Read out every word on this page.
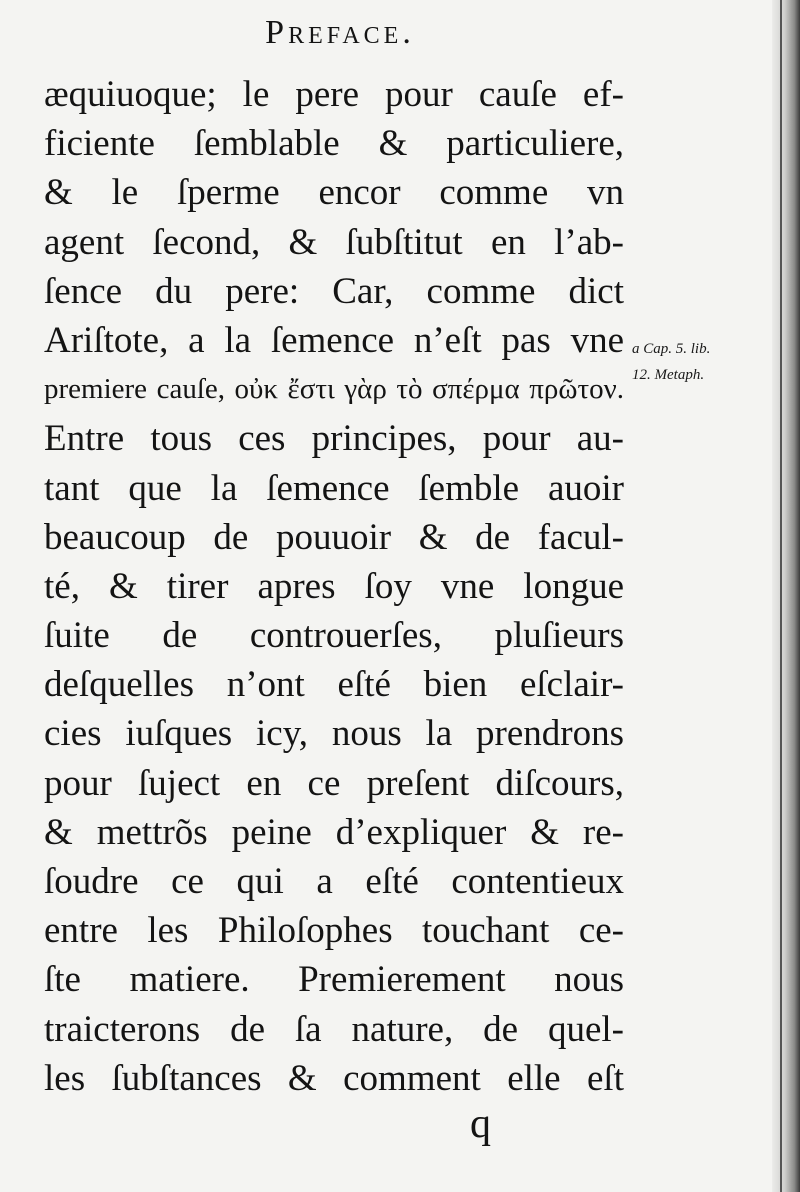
Preface.
æquiuoque; le pere pour cauſe ef-
ficiente ſemblable & particuliere,
& le ſperme encor comme vn
agent ſecond, & ſubſtitut en l’ab-
ſence du pere: Car, comme dict
Ariſtote, a la ſemence n’eſt pas vne
premiere cauſe, οὐκ ἔστι γὰρ τὸ σπέρμα πρῶτον.
Entre tous ces principes, pour au-
tant que la ſemence ſemble auoir
beaucoup de pouuoir & de facul-
té, & tirer apres ſoy vne longue
ſuite de controuerſes, pluſieurs
deſquelles n’ont eſté bien eſclair-
cies iuſques icy, nous la prendrons
pour ſuject en ce preſent diſcours,
& mettrõs peine d’expliquer & re-
ſoudre ce qui a eſté contentieux
entre les Philoſophes touchant ce-
ſte matiere. Premierement nous
traicterons de ſa nature, de quel-
les ſubſtances & comment elle eſt
a Cap. 5. lib.
12. Metaph.
q
